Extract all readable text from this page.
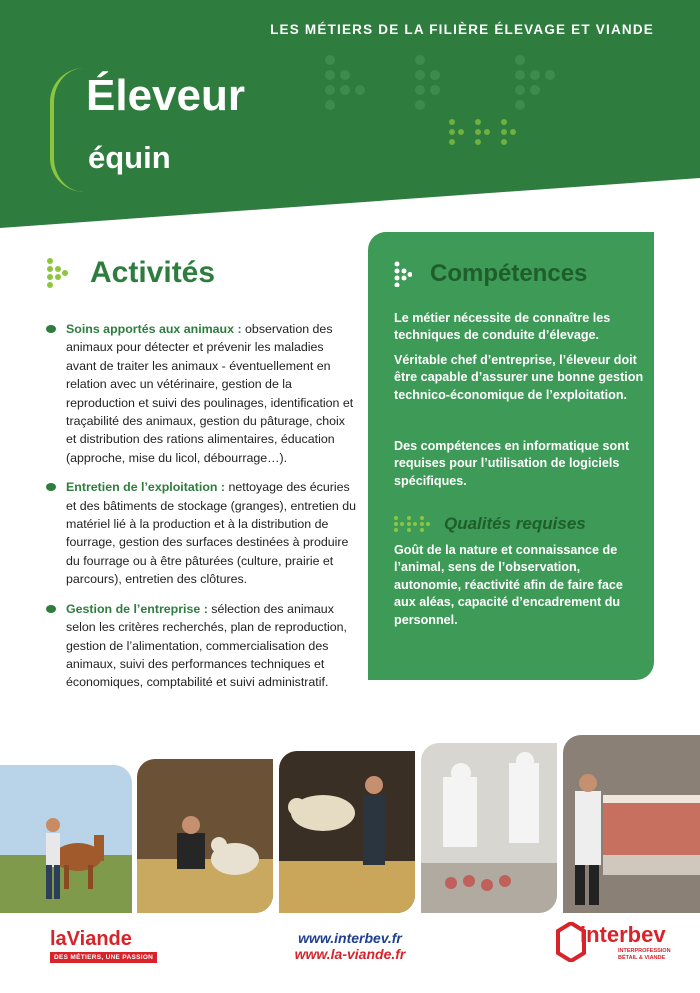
LES MÉTIERS DE LA FILIÈRE ÉLEVAGE ET VIANDE
Éleveur
équin
Activités
Soins apportés aux animaux : observation des animaux pour détecter et prévenir les maladies avant de traiter les animaux - éventuellement en relation avec un vétérinaire, gestion de la reproduction et suivi des poulinages, identification et traçabilité des animaux, gestion du pâturage, choix et distribution des rations alimentaires, éducation (approche, mise du licol, débourrage…).
Entretien de l’exploitation : nettoyage des écuries et des bâtiments de stockage (granges), entretien du matériel lié à la production et à la distribution de fourrage, gestion des surfaces destinées à produire du fourrage ou à être pâturées (culture, prairie et parcours), entretien des clôtures.
Gestion de l’entreprise : sélection des animaux selon les critères recherchés, plan de reproduction, gestion de l’alimentation, commercialisation des animaux, suivi des performances techniques et économiques, comptabilité et suivi administratif.
Compétences

Le métier nécessite de connaître les techniques de conduite d’élevage.

Véritable chef d’entreprise, l’éleveur doit être capable d’assurer une bonne gestion technico-économique de l’exploitation.

Des compétences en informatique sont requises pour l’utilisation de logiciels spécifiques.

Qualités requises

Goût de la nature et connaissance de l’animal, sens de l’observation, autonomie, réactivité afin de faire face aux aléas, capacité d’encadrement du personnel.

laViande
DES MÉTIERS, UNE PASSION
www.interbev.fr
www.la-viande.fr
interbev
INTERPROFESSION
BÉTAIL & VIANDE
